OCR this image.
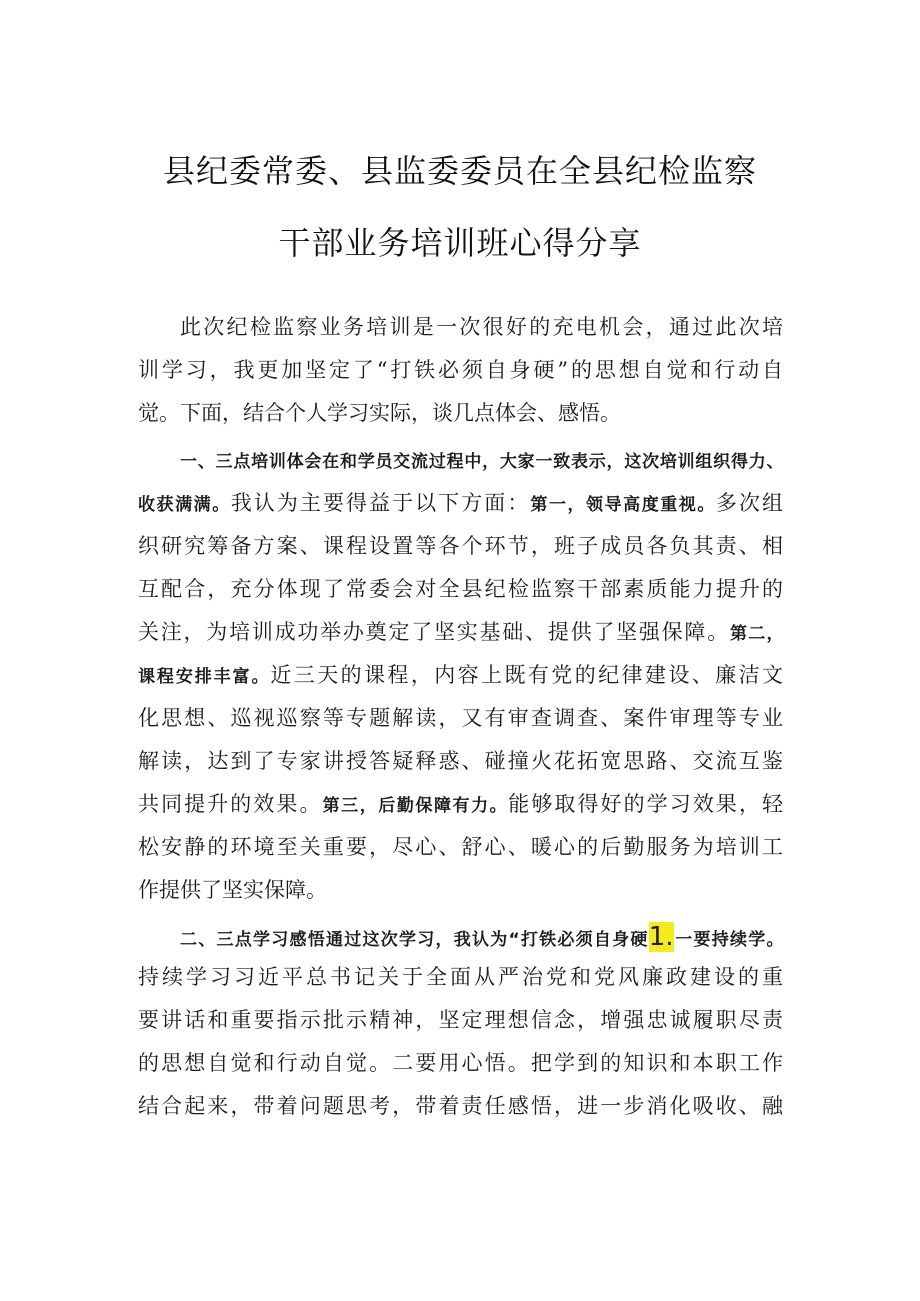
县纪委常委、县监委委员在全县纪检监察
干部业务培训班心得分享
此次纪检监察业务培训是一次很好的充电机会，通过此次培
训学习，我更加坚定了“打铁必须自身硬”的思想自觉和行动自
觉。下面，结合个人学习实际，谈几点体会、感悟。
一、三点培训体会在和学员交流过程中，大家一致表示，这次培训组织得力、
收获满满。我认为主要得益于以下方面：第一，领导高度重视。多次组
织研究筹备方案、课程设置等各个环节，班子成员各负其责、相
互配合，充分体现了常委会对全县纪检监察干部素质能力提升的
关注，为培训成功举办奠定了坚实基础、提供了坚强保障。第二，
课程安排丰富。近三天的课程，内容上既有党的纪律建设、廉洁文
化思想、巡视巡察等专题解读，又有审查调查、案件审理等专业
解读，达到了专家讲授答疑释惑、碰撞火花拓宽思路、交流互鉴
共同提升的效果。第三，后勤保障有力。能够取得好的学习效果，轻
松安静的环境至关重要，尽心、舒心、暖心的后勤服务为培训工
作提供了坚实保障。
二、三点学习感悟通过这次学习，我认为“打铁必须自身硬1.一要持续学。
持续学习习近平总书记关于全面从严治党和党风廉政建设的重
要讲话和重要指示批示精神，坚定理想信念，增强忠诚履职尽责
的思想自觉和行动自觉。二要用心悟。把学到的知识和本职工作
结合起来，带着问题思考，带着责任感悟，进一步消化吸收、融
